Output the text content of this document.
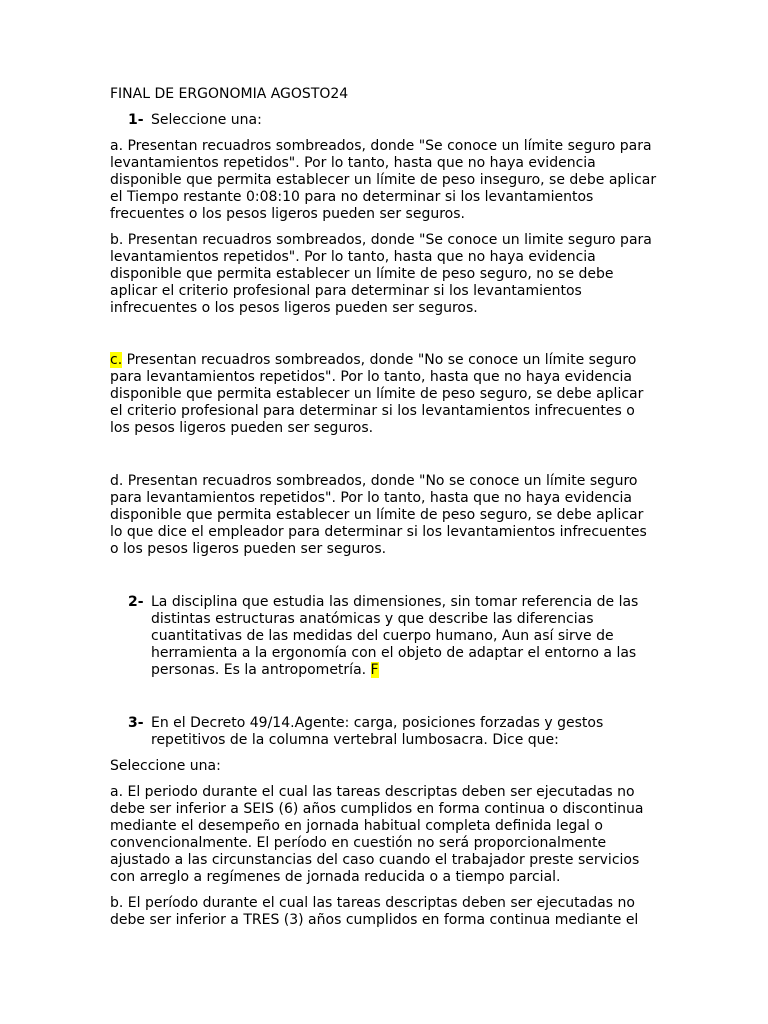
FINAL DE ERGONOMIA AGOSTO24

1- Seleccione una:

a. Presentan recuadros sombreados, donde "Se conoce un límite seguro para levantamientos repetidos". Por lo tanto, hasta que no haya evidencia disponible que permita establecer un límite de peso inseguro, se debe aplicar el Tiempo restante 0:08:10 para no determinar si los levantamientos frecuentes o los pesos ligeros pueden ser seguros.

b. Presentan recuadros sombreados, donde "Se conoce un limite seguro para levantamientos repetidos". Por lo tanto, hasta que no haya evidencia disponible que permita establecer un límite de peso seguro, no se debe aplicar el criterio profesional para determinar si los levantamientos infrecuentes o los pesos ligeros pueden ser seguros.

c. Presentan recuadros sombreados, donde "No se conoce un límite seguro para levantamientos repetidos". Por lo tanto, hasta que no haya evidencia disponible que permita establecer un límite de peso seguro, se debe aplicar el criterio profesional para determinar si los levantamientos infrecuentes o los pesos ligeros pueden ser seguros.

d. Presentan recuadros sombreados, donde "No se conoce un límite seguro para levantamientos repetidos". Por lo tanto, hasta que no haya evidencia disponible que permita establecer un límite de peso seguro, se debe aplicar lo que dice el empleador para determinar si los levantamientos infrecuentes o los pesos ligeros pueden ser seguros.

2- La disciplina que estudia las dimensiones, sin tomar referencia de las distintas estructuras anatómicas y que describe las diferencias cuantitativas de las medidas del cuerpo humano, Aun así sirve de herramienta a la ergonomía con el objeto de adaptar el entorno a las personas. Es la antropometría. F
3- En el Decreto 49/14.Agente: carga, posiciones forzadas y gestos repetitivos de la columna vertebral lumbosacra. Dice que:

Seleccione una:

a. El periodo durante el cual las tareas descriptas deben ser ejecutadas no debe ser inferior a SEIS (6) años cumplidos en forma continua o discontinua mediante el desempeño en jornada habitual completa definida legal o convencionalmente. El período en cuestión no será proporcionalmente ajustado a las circunstancias del caso cuando el trabajador preste servicios con arreglo a regímenes de jornada reducida o a tiempo parcial.

b. El período durante el cual las tareas descriptas deben ser ejecutadas no debe ser inferior a TRES (3) años cumplidos en forma continua mediante el
